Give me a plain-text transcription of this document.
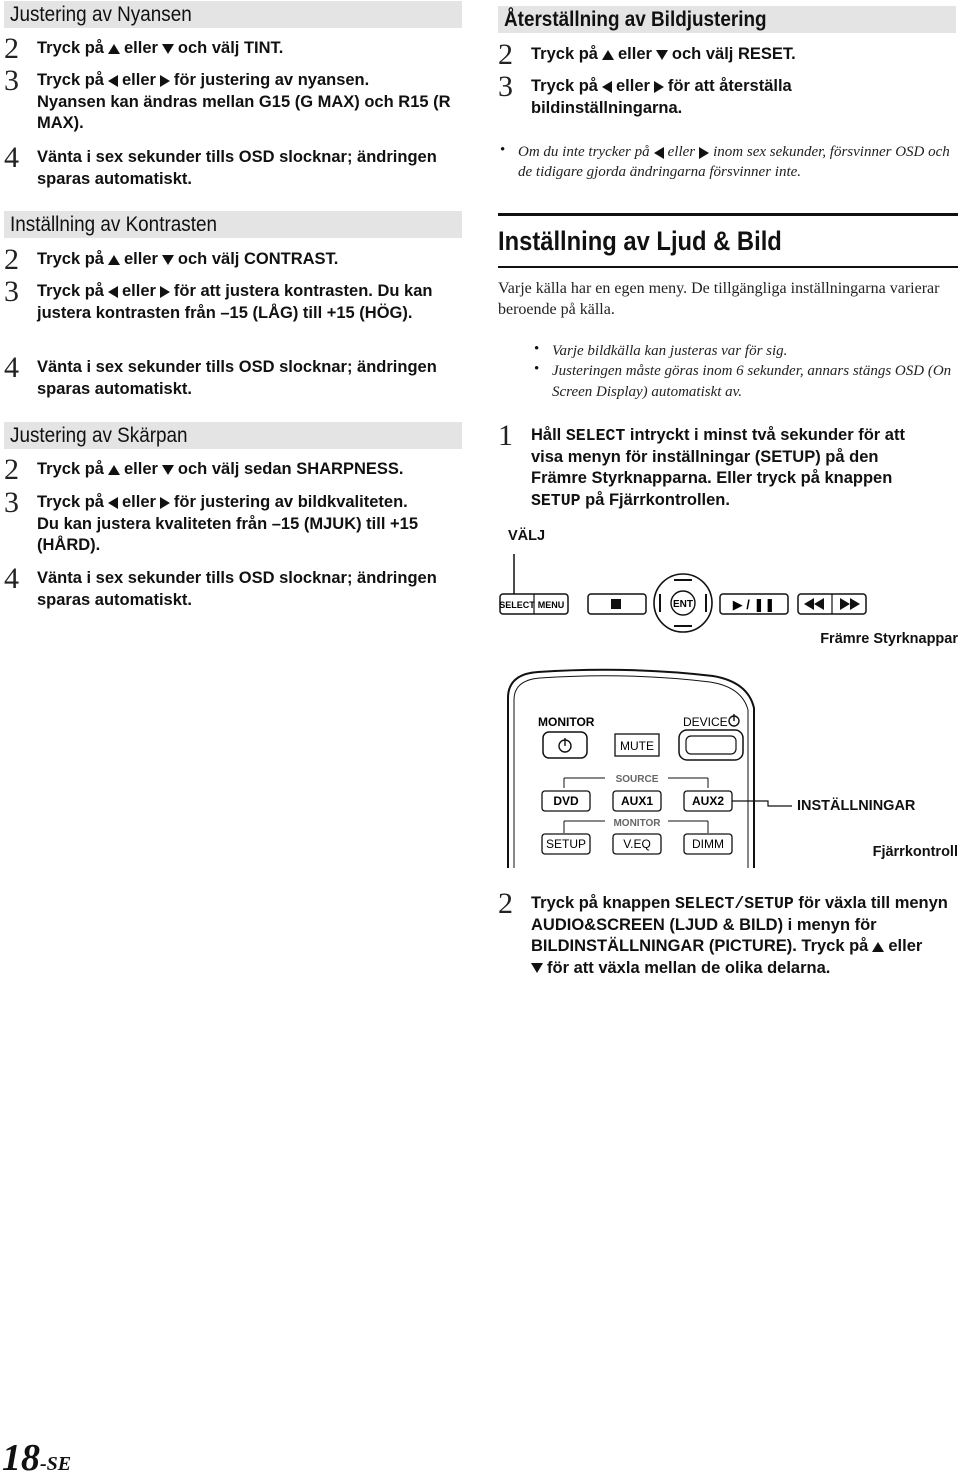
Justering av Nyansen
2 Tryck på eller och välj TINT.
3 Tryck på eller för justering av nyansen.
Nyansen kan ändras mellan G15 (G MAX) och R15 (R MAX).
4 Vänta i sex sekunder tills OSD slocknar; ändringen sparas automatiskt.
Inställning av Kontrasten
2 Tryck på eller och välj CONTRAST.
3 Tryck på eller för att justera kontrasten. Du kan justera kontrasten från –15 (LÅG) till +15 (HÖG).
4 Vänta i sex sekunder tills OSD slocknar; ändringen sparas automatiskt.
Justering av Skärpan
2 Tryck på eller och välj sedan SHARPNESS.
3 Tryck på eller för justering av bildkvaliteten.
Du kan justera kvaliteten från –15 (MJUK) till +15 (HÅRD).
4 Vänta i sex sekunder tills OSD slocknar; ändringen sparas automatiskt.
Återställning av Bildjustering
2 Tryck på eller och välj RESET.
3 Tryck på eller för att återställa bildinställningarna.
• Om du inte trycker på eller inom sex sekunder, försvinner OSD och de tidigare gjorda ändringarna försvinner inte.
Inställning av Ljud & Bild
Varje källa har en egen meny. De tillgängliga inställningarna varierar beroende på källa.
• Varje bildkälla kan justeras var för sig.
• Justeringen måste göras inom 6 sekunder, annars stängs OSD (On Screen Display) automatiskt av.
1 Håll SELECT intryckt i minst två sekunder för att visa menyn för inställningar (SETUP) på den Främre Styrknapparna. Eller tryck på knappen SETUP på Fjärrkontrollen.
VÄLJ
SELECT MENU	ENT	▶ / ❚❚
Främre Styrknappar
MONITOR	DEVICE
MUTE
SOURCE
DVD	AUX1	AUX2
MONITOR
SETUP	V.EQ	DIMM
INSTÄLLNINGAR
Fjärrkontroll
2 Tryck på knappen SELECT/SETUP för växla till menyn AUDIO&SCREEN (LJUD & BILD) i menyn för BILDINSTÄLLNINGAR (PICTURE). Tryck på eller
för att växla mellan de olika delarna.
18-SE
